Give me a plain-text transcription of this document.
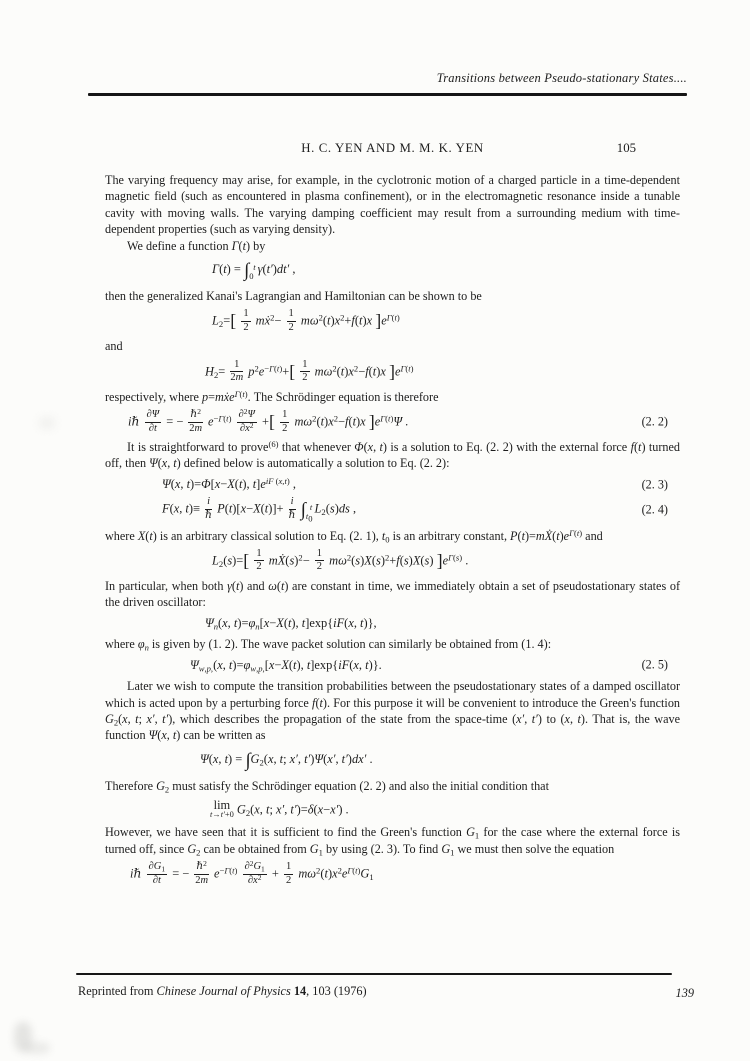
Transitions between Pseudo-stationary States....
H. C. YEN AND M. M. K. YEN	105

The varying frequency may arise, for example, in the cyclotronic motion of a charged particle in a time-dependent magnetic field (such as encountered in plasma confinement), or in the electromagnetic resonance inside a tunable cavity with moving walls. The varying damping coefficient may result from a surrounding medium with time-dependent properties (such as varying density).

We define a function Γ(t) by

Γ(t) = ∫ t
0 γ(t′)dt′ ,

then the generalized Kanai's Lagrangian and Hamiltonian can be shown to be

$L_2=[ \frac{1}{2}$ mẋ$^2$− $\frac{1}{2} m\omega^2(t)x^2+f(t)x$ ]$e^{\Gamma(t)}$

and

$H_2= \frac{1}{2m} p^2e^{-\Gamma(t)}+[ \frac{1}{2} m\omega^2(t)x^2-f(t)x$ ]$e^{\Gamma(t)}$

respectively, where p=mẋe$^{\Gamma(t)}$. The Schrödinger equation is therefore

iℏ $\frac{\partial\Psi}{\partial t}$ = − ℏ$^2$
2m $e^{-\Gamma(t)} \frac{\partial^2\Psi}{\partial x^2}$ +[ $\frac{1}{2} m\omega^2(t)x^2-f(t)x$ ]$e^{\Gamma(t)}\Psi$ .	(2. 2)

It is straightforward to prove$^{(6)}$ that whenever Φ(x, t) is a solution to Eq. (2. 2) with the external force f(t) turned off, then Ψ(x, t) defined below is automatically a solution to Eq. (2. 2):

Ψ(x, t)=Φ[x−X(t), $t]e^{iF (x,t)}$ ,	(2. 3)
F(x, t)≡ i
ℏ P(t)[x−X(t)]+ i
ℏ ∫ t
$t_0$
$L_2(s)ds$ ,	(2. 4)

where X(t) is an arbitrary classical solution to Eq. (2. 1), $t_0$ is an arbitrary constant, $P(t)=mẊ(t)e^{\Gamma(t)}$ and

$L_2(s)=[ \frac{1}{2}$ $mẊ(s)^2- \frac{1}{2} m\omega^2(s)X(s)^2+f(s)X(s)$ ]$e^{\Gamma(s)}$ .

In particular, when both γ(t) and ω(t) are constant in time, we immediately obtain a set of pseudostationary states of the driven oscillator:

$\Psi_n(x$, $t)=\varphi_n[x-X(t)$, t]exp{iF(x, t)},

where $\varphi_n$ is given by (1. 2). The wave packet solution can similarly be obtained from (1. 4):

$\Psi_{w,p,}(x$, $t)=\varphi_{w,p,}[x-X(t)$, t]exp{iF(x, t)}.	(2. 5)

Later we wish to compute the transition probabilities between the pseudostationary states of a damped oscillator which is acted upon by a perturbing force f(t). For this purpose it will be convenient to introduce the Green's function $G_2(x$, t; x′, t′), which describes the propagation of the state from the space-time (x′, t′) to (x, t). That is, the wave function Ψ(x, t) can be written as

Ψ(x, $t) = \int G_2(x$, t; x′, t′)Ψ(x′, t′)dx′ .

Therefore $G_2$ must satisfy the Schrödinger equation (2. 2) and also the initial condition that

lim
t→t′+0 $G_2(x$, t; x′, t′)=δ(x−x′) .

However, we have seen that it is sufficient to find the Green's function $G_1$ for the case where the external force is turned off, since $G_2$ can be obtained from $G_1$ by using (2. 3). To find $G_1$ we must then solve the equation

iℏ $\frac{\partial G_1}{\partial t}$ = − ℏ$^2$
2m $e^{-\Gamma(t)} \frac{\partial^2G_1}{\partial x^2} + \frac{1}{2} m\omega^2(t)x^2e^{\Gamma(t)}G_1$
Reprinted from Chinese Journal of Physics 14, 103 (1976)	139
